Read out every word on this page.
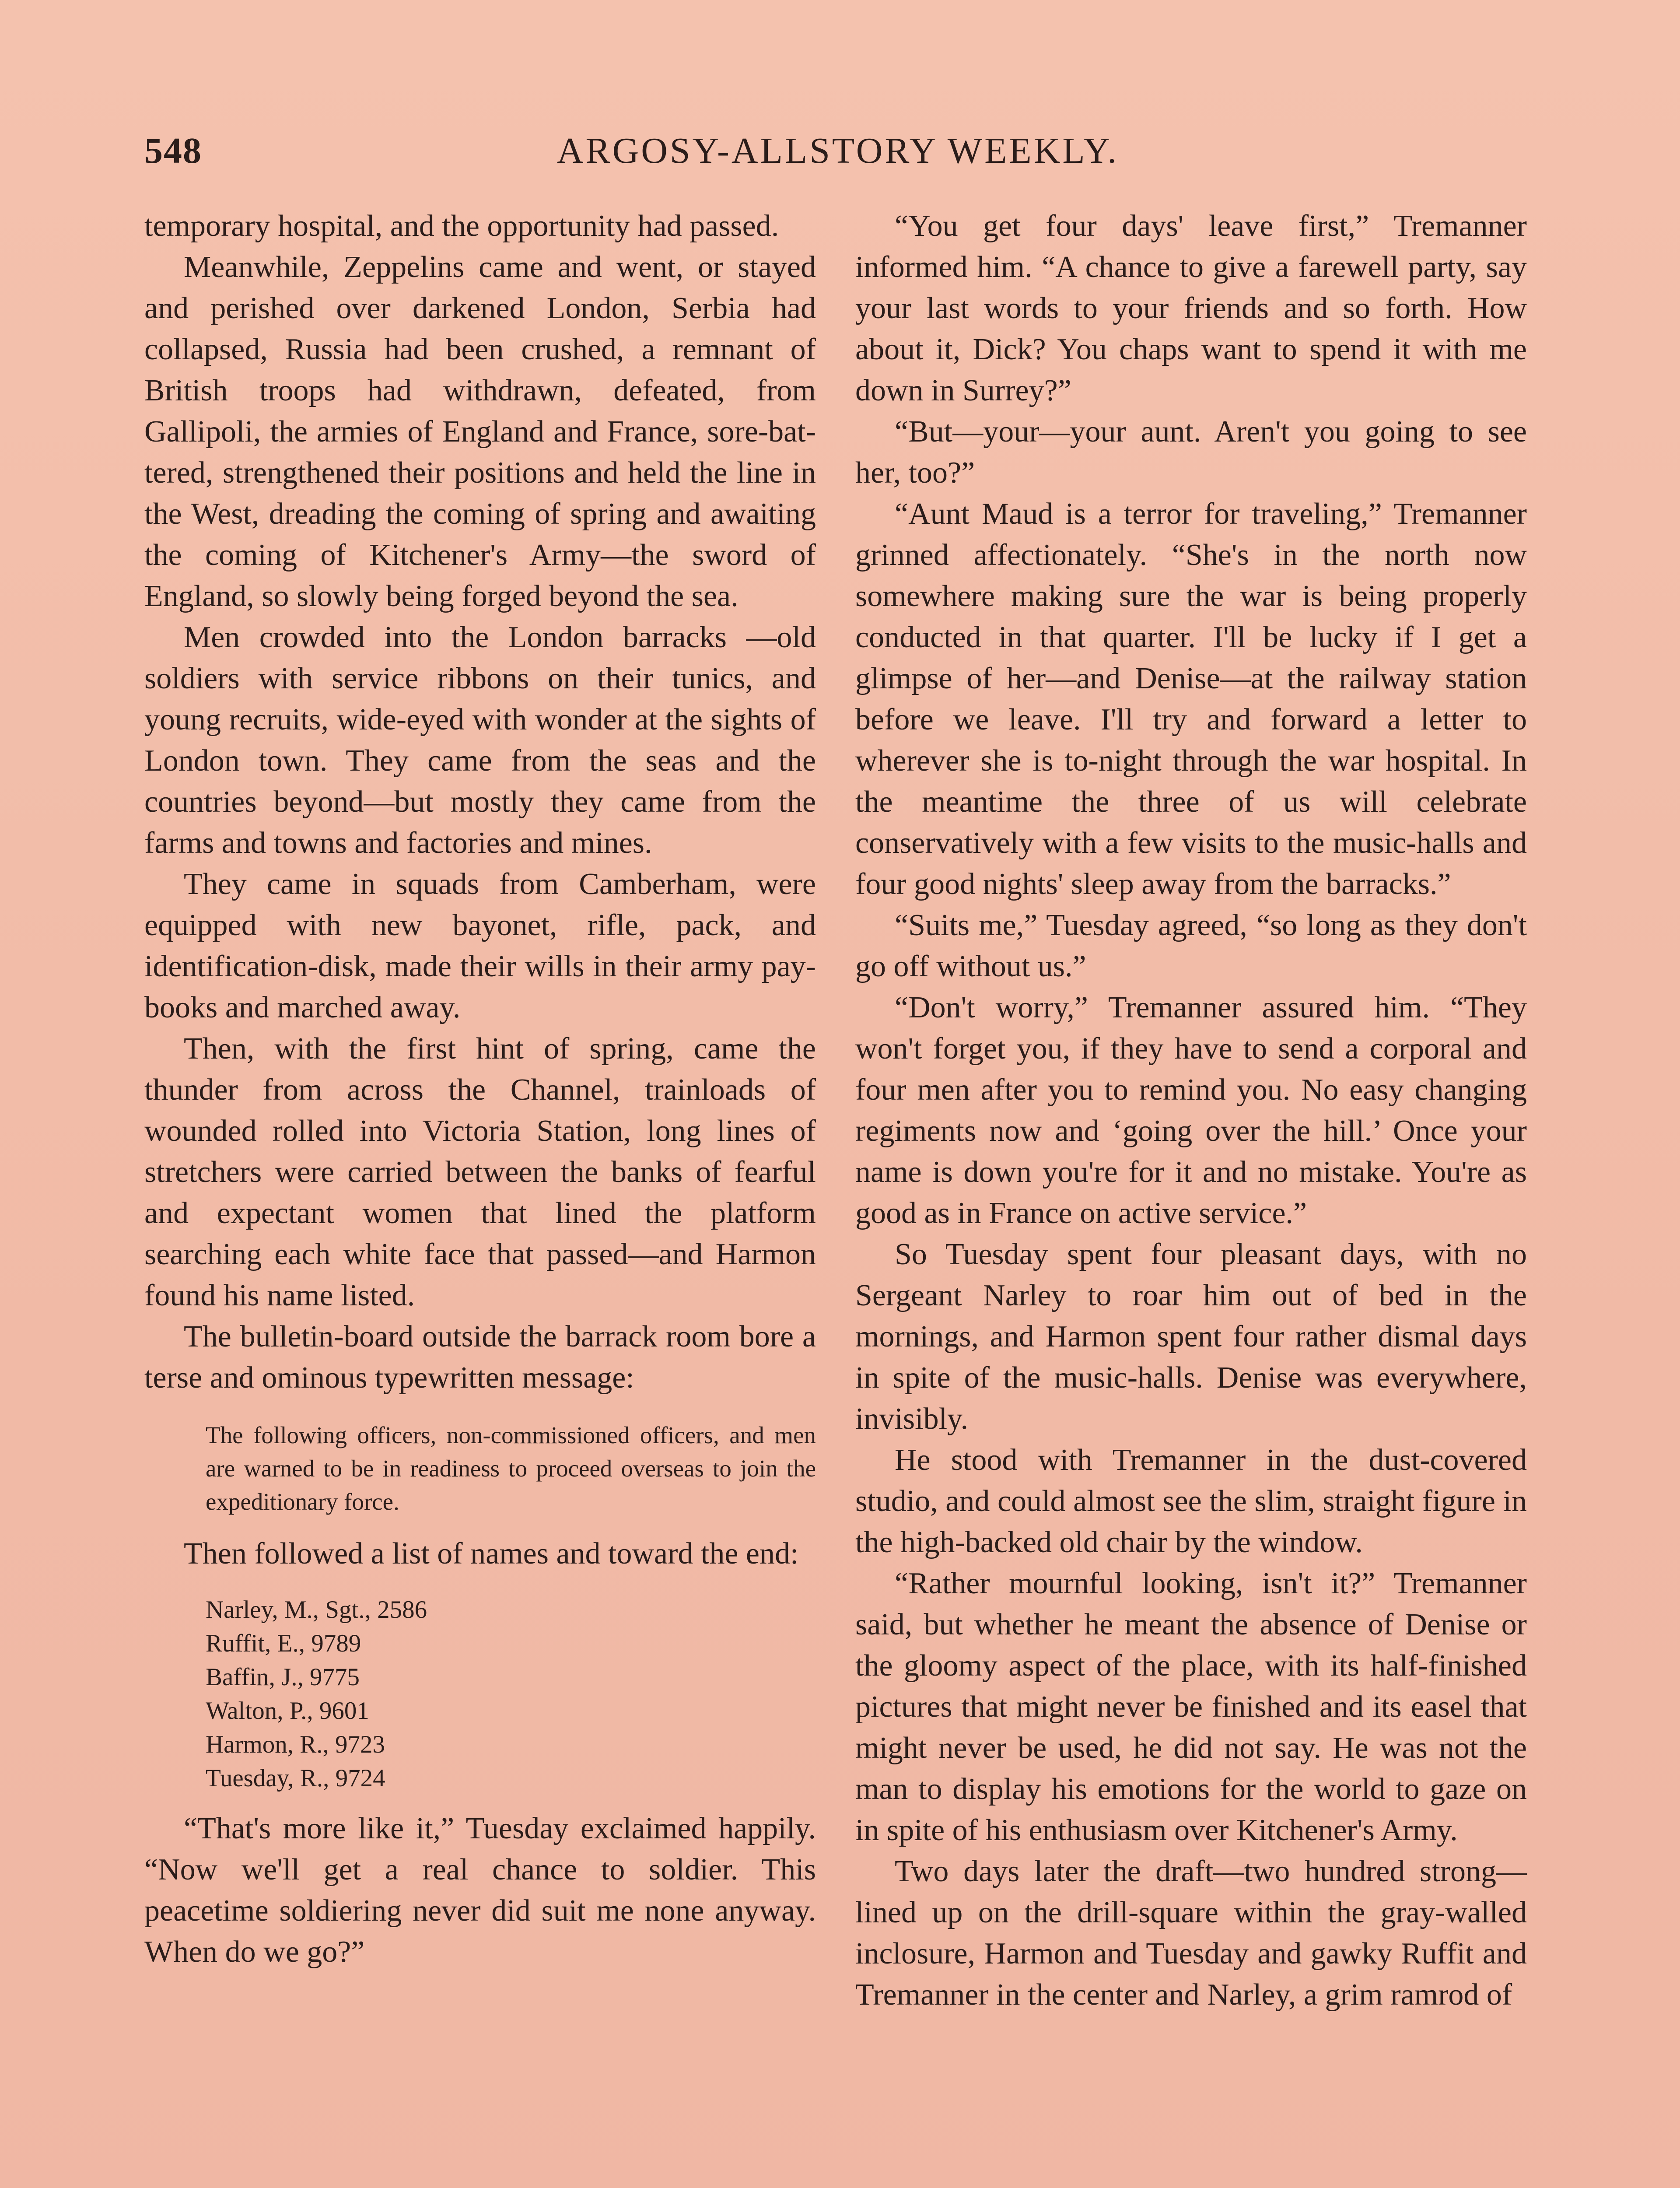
548	ARGOSY-ALLSTORY WEEKLY.

temporary hospital, and the opportunity had passed.

Meanwhile, Zeppelins came and went, or stayed and perished over darkened London, Serbia had collapsed, Russia had been crushed, a remnant of British troops had withdrawn, defeated, from Gallipoli, the armies of England and France, sore-battered, strengthened their positions and held the line in the West, dreading the coming of spring and awaiting the coming of Kitchener's Army—the sword of England, so slowly being forged beyond the sea.

Men crowded into the London barracks —old soldiers with service ribbons on their tunics, and young recruits, wide-eyed with wonder at the sights of London town. They came from the seas and the countries beyond—but mostly they came from the farms and towns and factories and mines.

They came in squads from Camberham, were equipped with new bayonet, rifle, pack, and identification-disk, made their wills in their army pay-books and marched away.

Then, with the first hint of spring, came the thunder from across the Channel, trainloads of wounded rolled into Victoria Station, long lines of stretchers were carried between the banks of fearful and expectant women that lined the platform searching each white face that passed—and Harmon found his name listed.

The bulletin-board outside the barrack room bore a terse and ominous typewritten message:

The following officers, non-commissioned officers, and men are warned to be in readiness to proceed overseas to join the expeditionary force.

Then followed a list of names and toward the end:

Narley, M., Sgt., 2586
Ruffit, E., 9789
Baffin, J., 9775
Walton, P., 9601
Harmon, R., 9723
Tuesday, R., 9724

“That's more like it,” Tuesday exclaimed happily. “Now we'll get a real chance to soldier. This peacetime soldiering never did suit me none anyway. When do we go?”

“You get four days' leave first,” Tremanner informed him. “A chance to give a farewell party, say your last words to your friends and so forth. How about it, Dick? You chaps want to spend it with me down in Surrey?”

“But—your—your aunt. Aren't you going to see her, too?”

“Aunt Maud is a terror for traveling,” Tremanner grinned affectionately. “She's in the north now somewhere making sure the war is being properly conducted in that quarter. I'll be lucky if I get a glimpse of her—and Denise—at the railway station before we leave. I'll try and forward a letter to wherever she is to-night through the war hospital. In the meantime the three of us will celebrate conservatively with a few visits to the music-halls and four good nights' sleep away from the barracks.”

“Suits me,” Tuesday agreed, “so long as they don't go off without us.”

“Don't worry,” Tremanner assured him. “They won't forget you, if they have to send a corporal and four men after you to remind you. No easy changing regiments now and ‘going over the hill.’ Once your name is down you're for it and no mistake. You're as good as in France on active service.”

So Tuesday spent four pleasant days, with no Sergeant Narley to roar him out of bed in the mornings, and Harmon spent four rather dismal days in spite of the music-halls. Denise was everywhere, invisibly.

He stood with Tremanner in the dust-covered studio, and could almost see the slim, straight figure in the high-backed old chair by the window.

“Rather mournful looking, isn't it?” Tremanner said, but whether he meant the absence of Denise or the gloomy aspect of the place, with its half-finished pictures that might never be finished and its easel that might never be used, he did not say. He was not the man to display his emotions for the world to gaze on in spite of his enthusiasm over Kitchener's Army.

Two days later the draft—two hundred strong—lined up on the drill-square within the gray-walled inclosure, Harmon and Tuesday and gawky Ruffit and Tremanner in the center and Narley, a grim ramrod of
